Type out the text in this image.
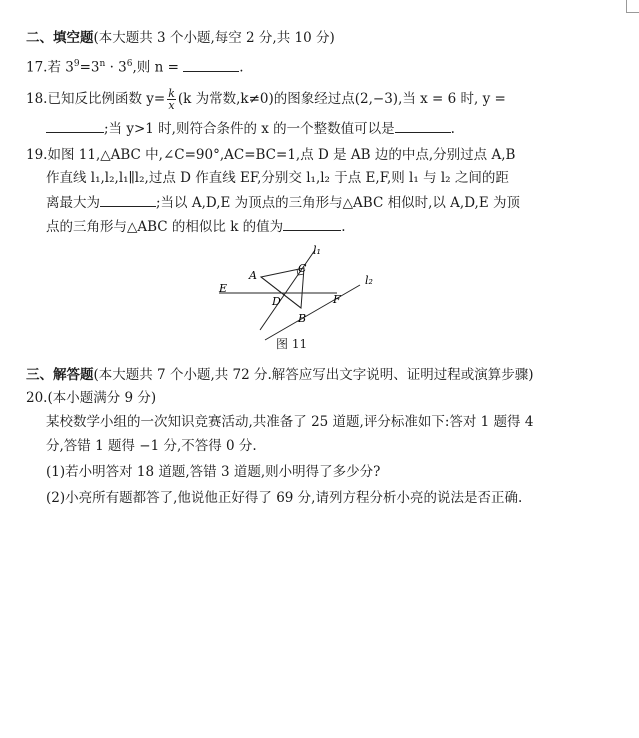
二、填空题(本大题共 3 个小题,每空 2 分,共 10 分)
17.若 $3^9=3^n \cdot 3^6$,则 n =	.
18.已知反比例函数 $y= \frac{k}{x} (k$ 为常数,k≠0)的图象经过点(2,−3),当 x = 6 时, y =
;当 y>1 时,则符合条件的 x 的一个整数值可以是	.
19.如图 11,△ABC 中,∠C=90°,AC=BC=1,点 D 是 AB 边的中点,分别过点 A,B
作直线 l₁,l₂,l₁∥l₂,过点 D 作直线 EF,分别交 l₁,l₂ 于点 E,F,则 l₁ 与 l₂ 之间的距
离最大为	;当以 A,D,E 为顶点的三角形与△ABC 相似时,以 A,D,E 为顶
点的三角形与△ABC 的相似比 k 的值为	.
l₁
l₂
A
B
C
D
E
F
图 11
三、解答题(本大题共 7 个小题,共 72 分.解答应写出文字说明、证明过程或演算步骤)
20.(本小题满分 9 分)
某校数学小组的一次知识竞赛活动,共准备了 25 道题,评分标准如下:答对 1 题得 4
分,答错 1 题得 −1 分,不答得 0 分.
(1)若小明答对 18 道题,答错 3 道题,则小明得了多少分?
(2)小亮所有题都答了,他说他正好得了 69 分,请列方程分析小亮的说法是否正确.
